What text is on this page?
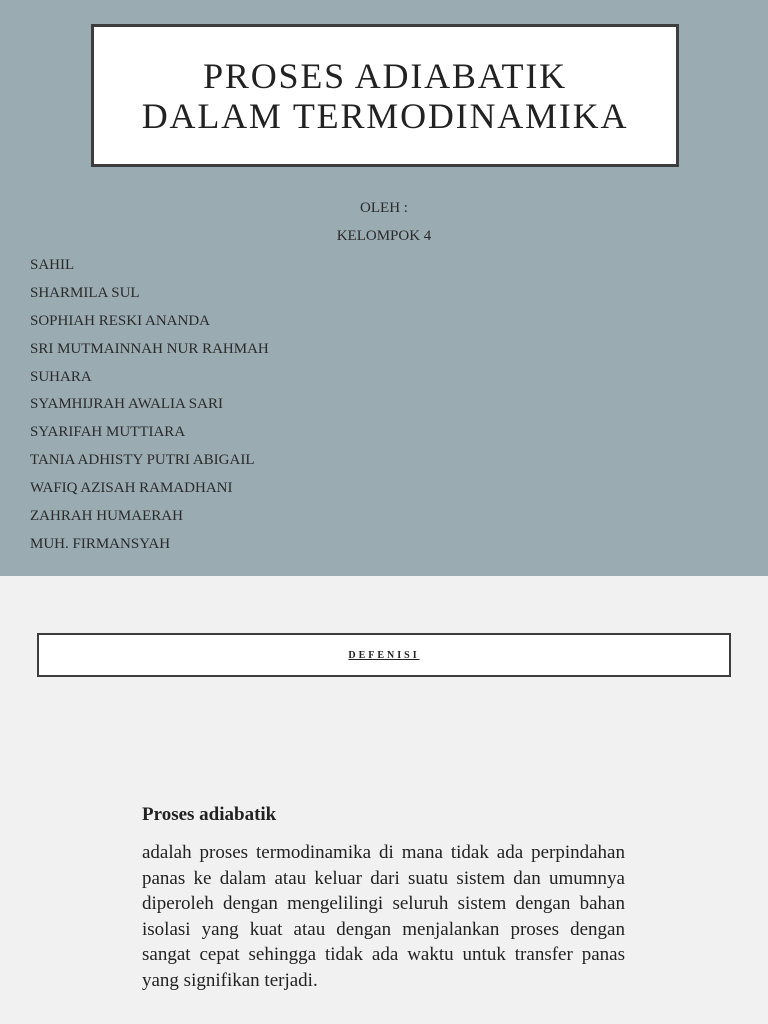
PROSES ADIABATIK
DALAM TERMODINAMIKA
OLEH :
KELOMPOK 4
SAHIL
SHARMILA SUL
SOPHIAH RESKI ANANDA
SRI MUTMAINNAH NUR RAHMAH
SUHARA
SYAMHIJRAH AWALIA SARI
SYARIFAH MUTTIARA
TANIA ADHISTY PUTRI ABIGAIL
WAFIQ AZISAH RAMADHANI
ZAHRAH HUMAERAH
MUH. FIRMANSYAH
DEFENISI
Proses adiabatik

adalah proses termodinamika di mana tidak ada perpindahan panas ke dalam atau keluar dari suatu sistem dan umumnya diperoleh dengan mengelilingi seluruh sistem dengan bahan isolasi yang kuat atau dengan menjalankan proses dengan sangat cepat sehingga tidak ada waktu untuk transfer panas yang signifikan terjadi.
